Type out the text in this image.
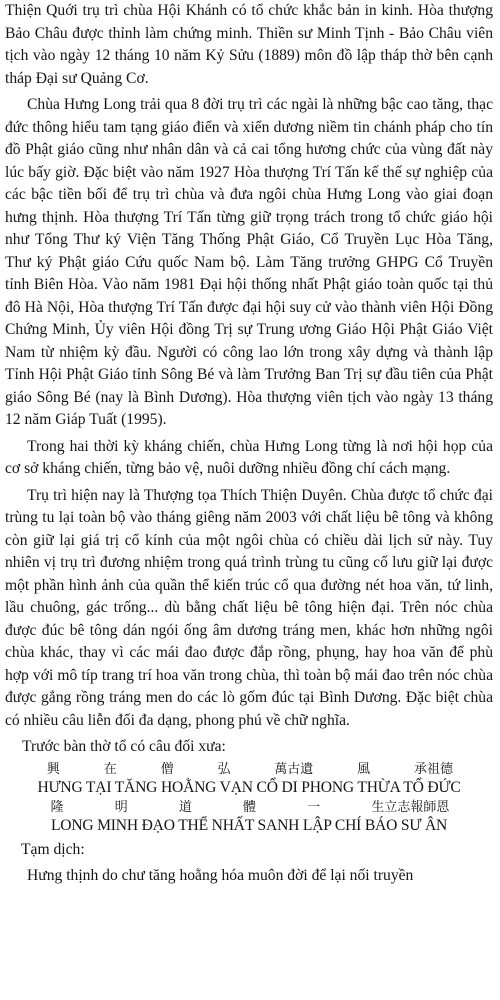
Thiện Quới trụ trì chùa Hội Khánh có tổ chức khắc bản in kinh. Hòa thượng Bảo Châu được thỉnh làm chứng minh. Thiền sư Minh Tịnh - Bảo Châu viên tịch vào ngày 12 tháng 10 năm Kỷ Sửu (1889) môn đồ lập tháp thờ bên cạnh tháp Đại sư Quảng Cơ.

Chùa Hưng Long trải qua 8 đời trụ trì các ngài là những bậc cao tăng, thạc đức thông hiểu tam tạng giáo điển và xiển dương niềm tin chánh pháp cho tín đồ Phật giáo cũng như nhân dân và cả cai tổng hương chức của vùng đất này lúc bấy giờ. Đặc biệt vào năm 1927 Hòa thượng Trí Tấn kế thế sự nghiệp của các bậc tiền bối để trụ trì chùa và đưa ngôi chùa Hưng Long vào giai đoạn hưng thịnh. Hòa thượng Trí Tấn từng giữ trọng trách trong tổ chức giáo hội như Tổng Thư ký Viện Tăng Thống Phật Giáo, Cổ Truyền Lục Hòa Tăng, Thư ký Phật giáo Cứu quốc Nam bộ. Làm Tăng trưởng GHPG Cổ Truyền tỉnh Biên Hòa. Vào năm 1981 Đại hội thống nhất Phật giáo toàn quốc tại thủ đô Hà Nội, Hòa thượng Trí Tấn được đại hội suy cử vào thành viên Hội Đồng Chứng Minh, Ủy viên Hội đồng Trị sự Trung ương Giáo Hội Phật Giáo Việt Nam từ nhiệm kỳ đầu. Người có công lao lớn trong xây dựng và thành lập Tỉnh Hội Phật Giáo tỉnh Sông Bé và làm Trưởng Ban Trị sự đầu tiên của Phật giáo Sông Bé (nay là Bình Dương). Hòa thượng viên tịch vào ngày 13 tháng 12 năm Giáp Tuất (1995).

Trong hai thời kỳ kháng chiến, chùa Hưng Long từng là nơi hội họp của cơ sở kháng chiến, từng bảo vệ, nuôi dưỡng nhiều đồng chí cách mạng.

Trụ trì hiện nay là Thượng tọa Thích Thiện Duyên. Chùa được tổ chức đại trùng tu lại toàn bộ vào tháng giêng năm 2003 với chất liệu bê tông và không còn giữ lại giá trị cổ kính của một ngôi chùa có chiều dài lịch sử này. Tuy nhiên vị trụ trì đương nhiệm trong quá trình trùng tu cũng cố lưu giữ lại được một phần hình ảnh của quần thể kiến trúc cổ qua đường nét hoa văn, tứ linh, lầu chuông, gác trống... dù bằng chất liệu bê tông hiện đại. Trên nóc chùa được đúc bê tông dán ngói ống âm dương tráng men, khác hơn những ngôi chùa khác, thay vì các mái đao được đắp rồng, phụng, hay hoa văn để phù hợp với mô típ trang trí hoa văn trong chùa, thì toàn bộ mái đao trên nóc chùa được gắng rồng tráng men do các lò gốm đúc tại Bình Dương. Đặc biệt chùa có nhiều câu liễn đối đa dạng, phong phú về chữ nghĩa.

Trước bàn thờ tổ có câu đối xưa:
興	在	僧	弘	萬古遺	風	承祖德
HƯNG TẠI TĂNG HOẰNG VẠN CỔ DI PHONG THỪA TỔ ĐỨC
隆	明	道	體	一	生立志報師恩
LONG MINH ĐẠO THỂ NHẤT SANH LẬP CHÍ BÁO SƯ ÂN
Tạm dịch:
Hưng thịnh do chư tăng hoằng hóa muôn đời để lại nối truyền
